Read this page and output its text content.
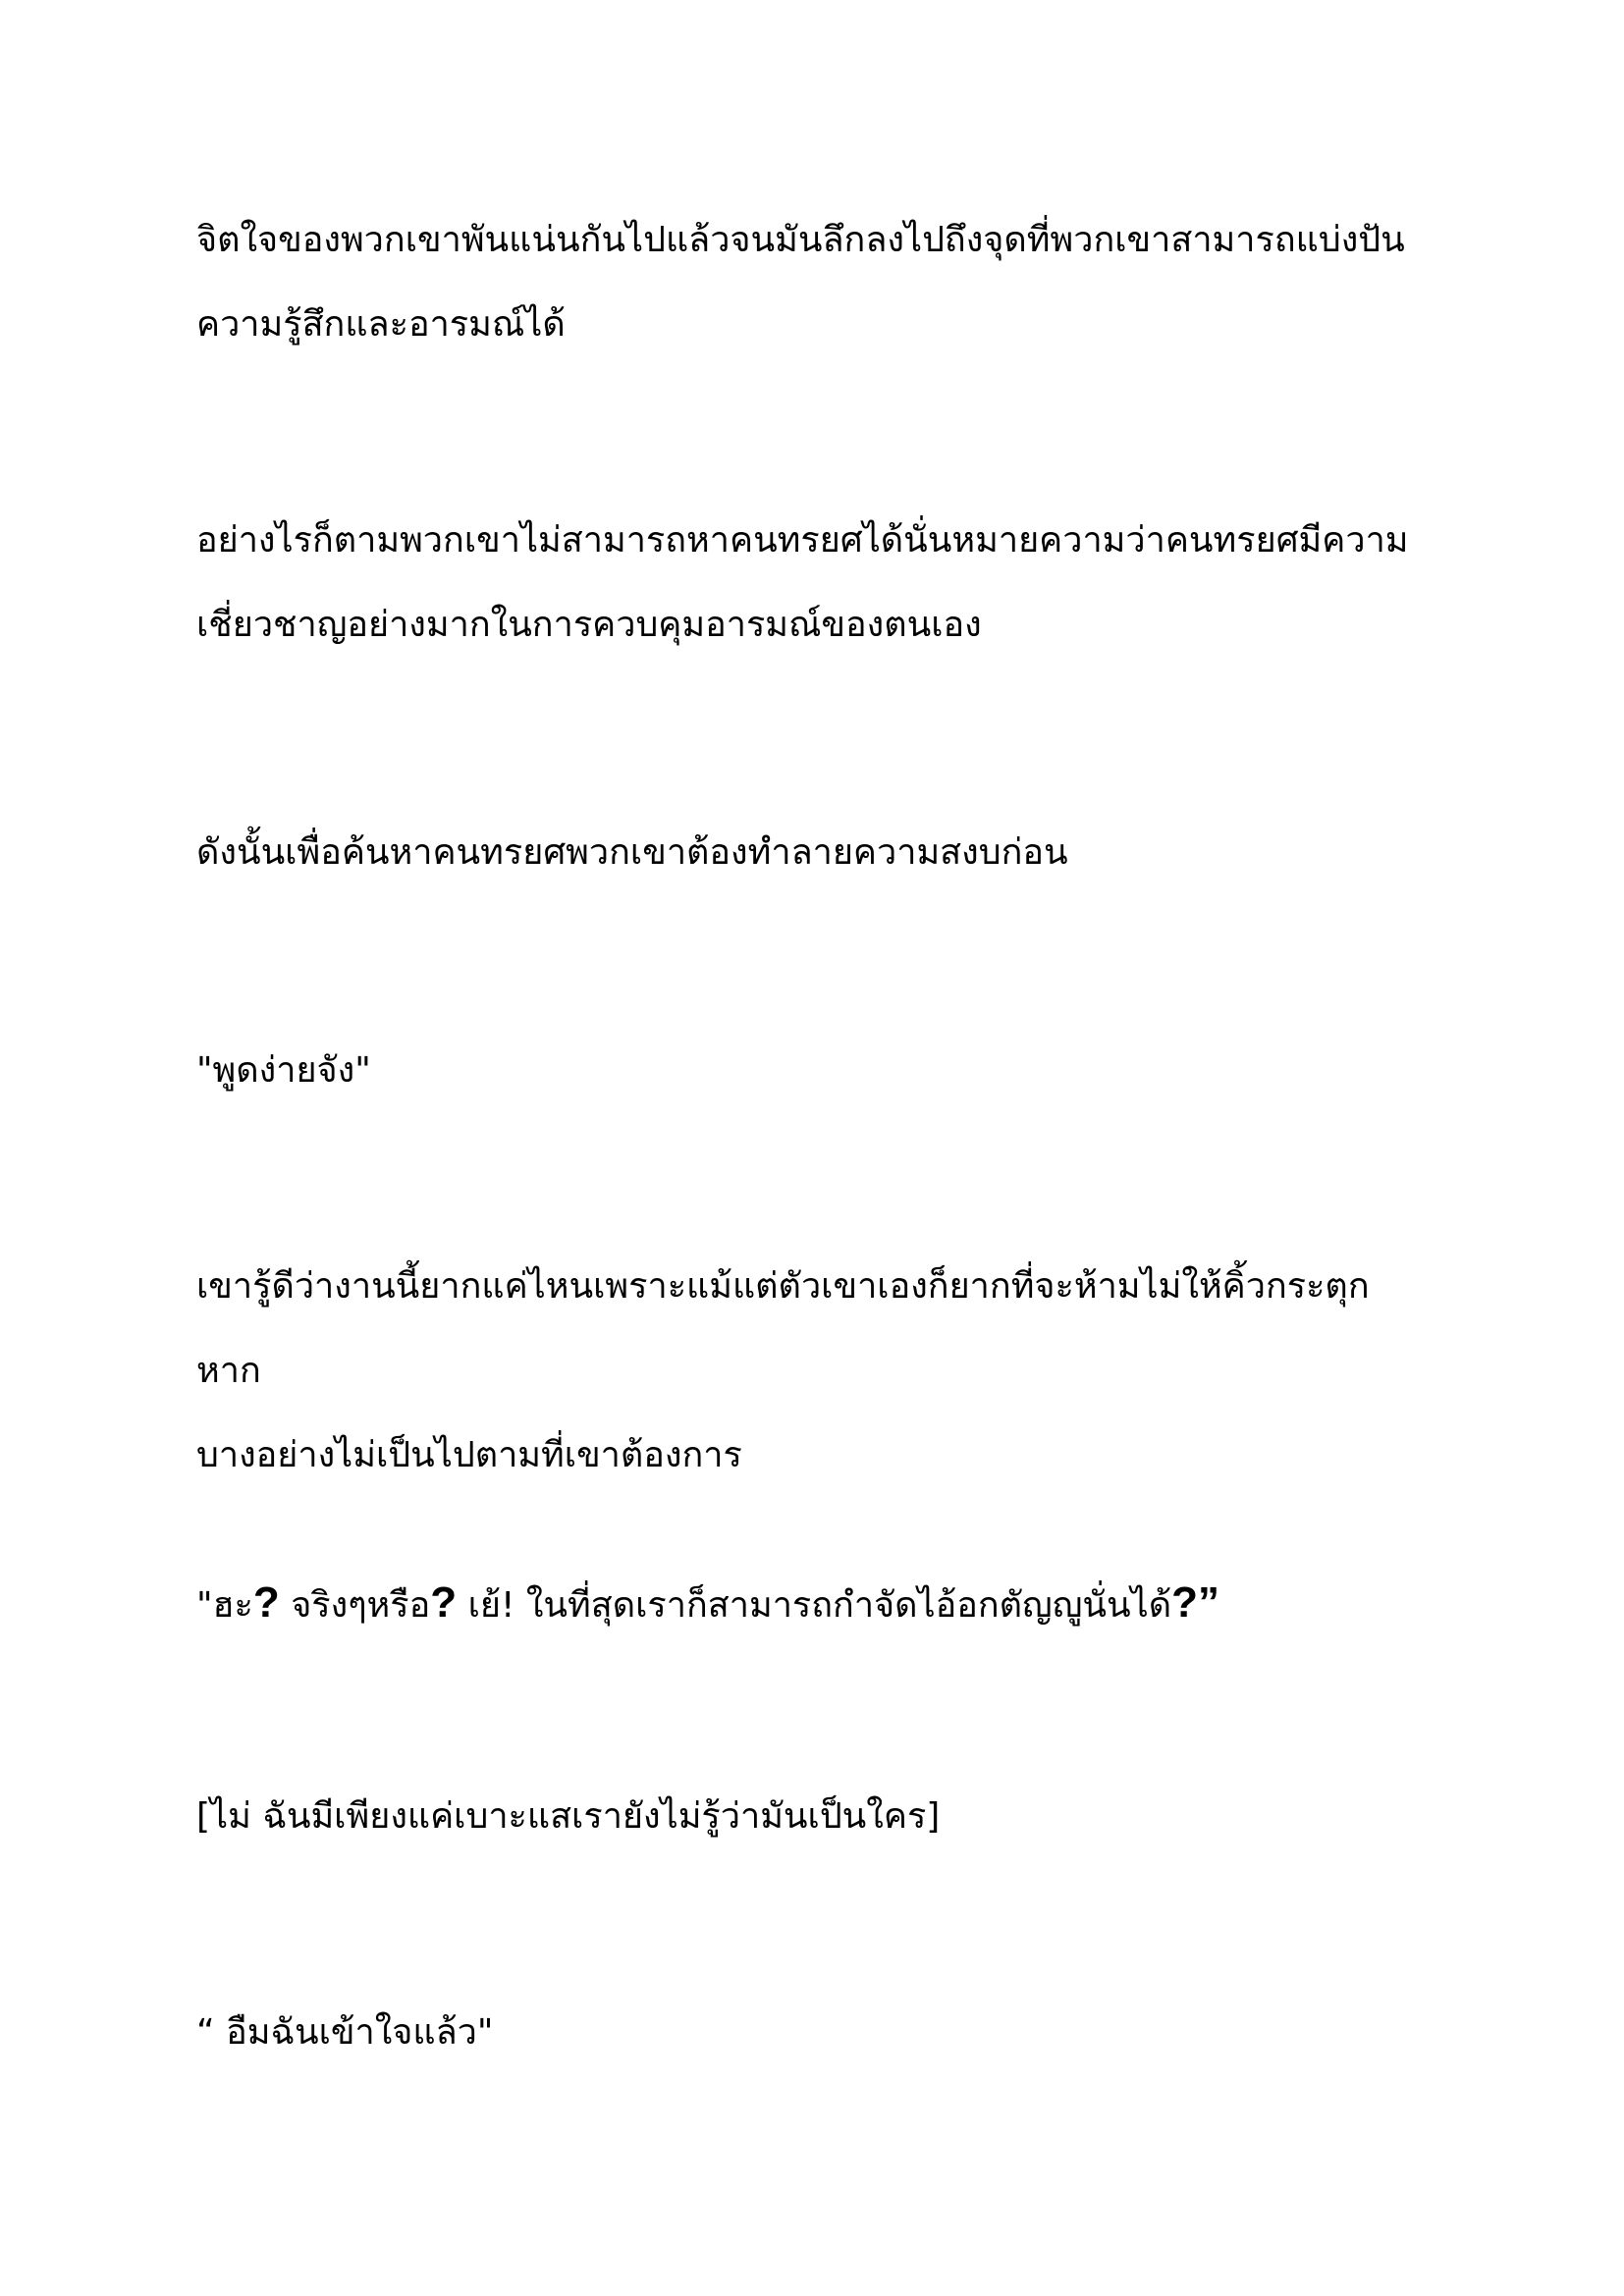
จิตใจของพวกเขาพันแน่นกันไปแล้วจนมันลึกลงไปถึงจุดที่พวกเขาสามารถแบ่งปัน
ความรู้สึกและอารมณ์ได้

อย่างไรก็ตามพวกเขาไม่สามารถหาคนทรยศได้นั่นหมายความว่าคนทรยศมีความ
เชี่ยวชาญอย่างมากในการควบคุมอารมณ์ของตนเอง

ดังนั้นเพื่อค้นหาคนทรยศพวกเขาต้องทำลายความสงบก่อน

"พูดง่ายจัง"

เขารู้ดีว่างานนี้ยากแค่ไหนเพราะแม้แต่ตัวเขาเองก็ยากที่จะห้ามไม่ให้คิ้วกระตุกหาก
บางอย่างไม่เป็นไปตามที่เขาต้องการ

"ฮะ? จริงๆหรือ? เย้! ในที่สุดเราก็สามารถกำจัดไอ้อกตัญญูนั่นได้?”

[ไม่ ฉันมีเพียงแค่เบาะแสเรายังไม่รู้ว่ามันเป็นใคร]

“ อืมฉันเข้าใจแล้ว"
